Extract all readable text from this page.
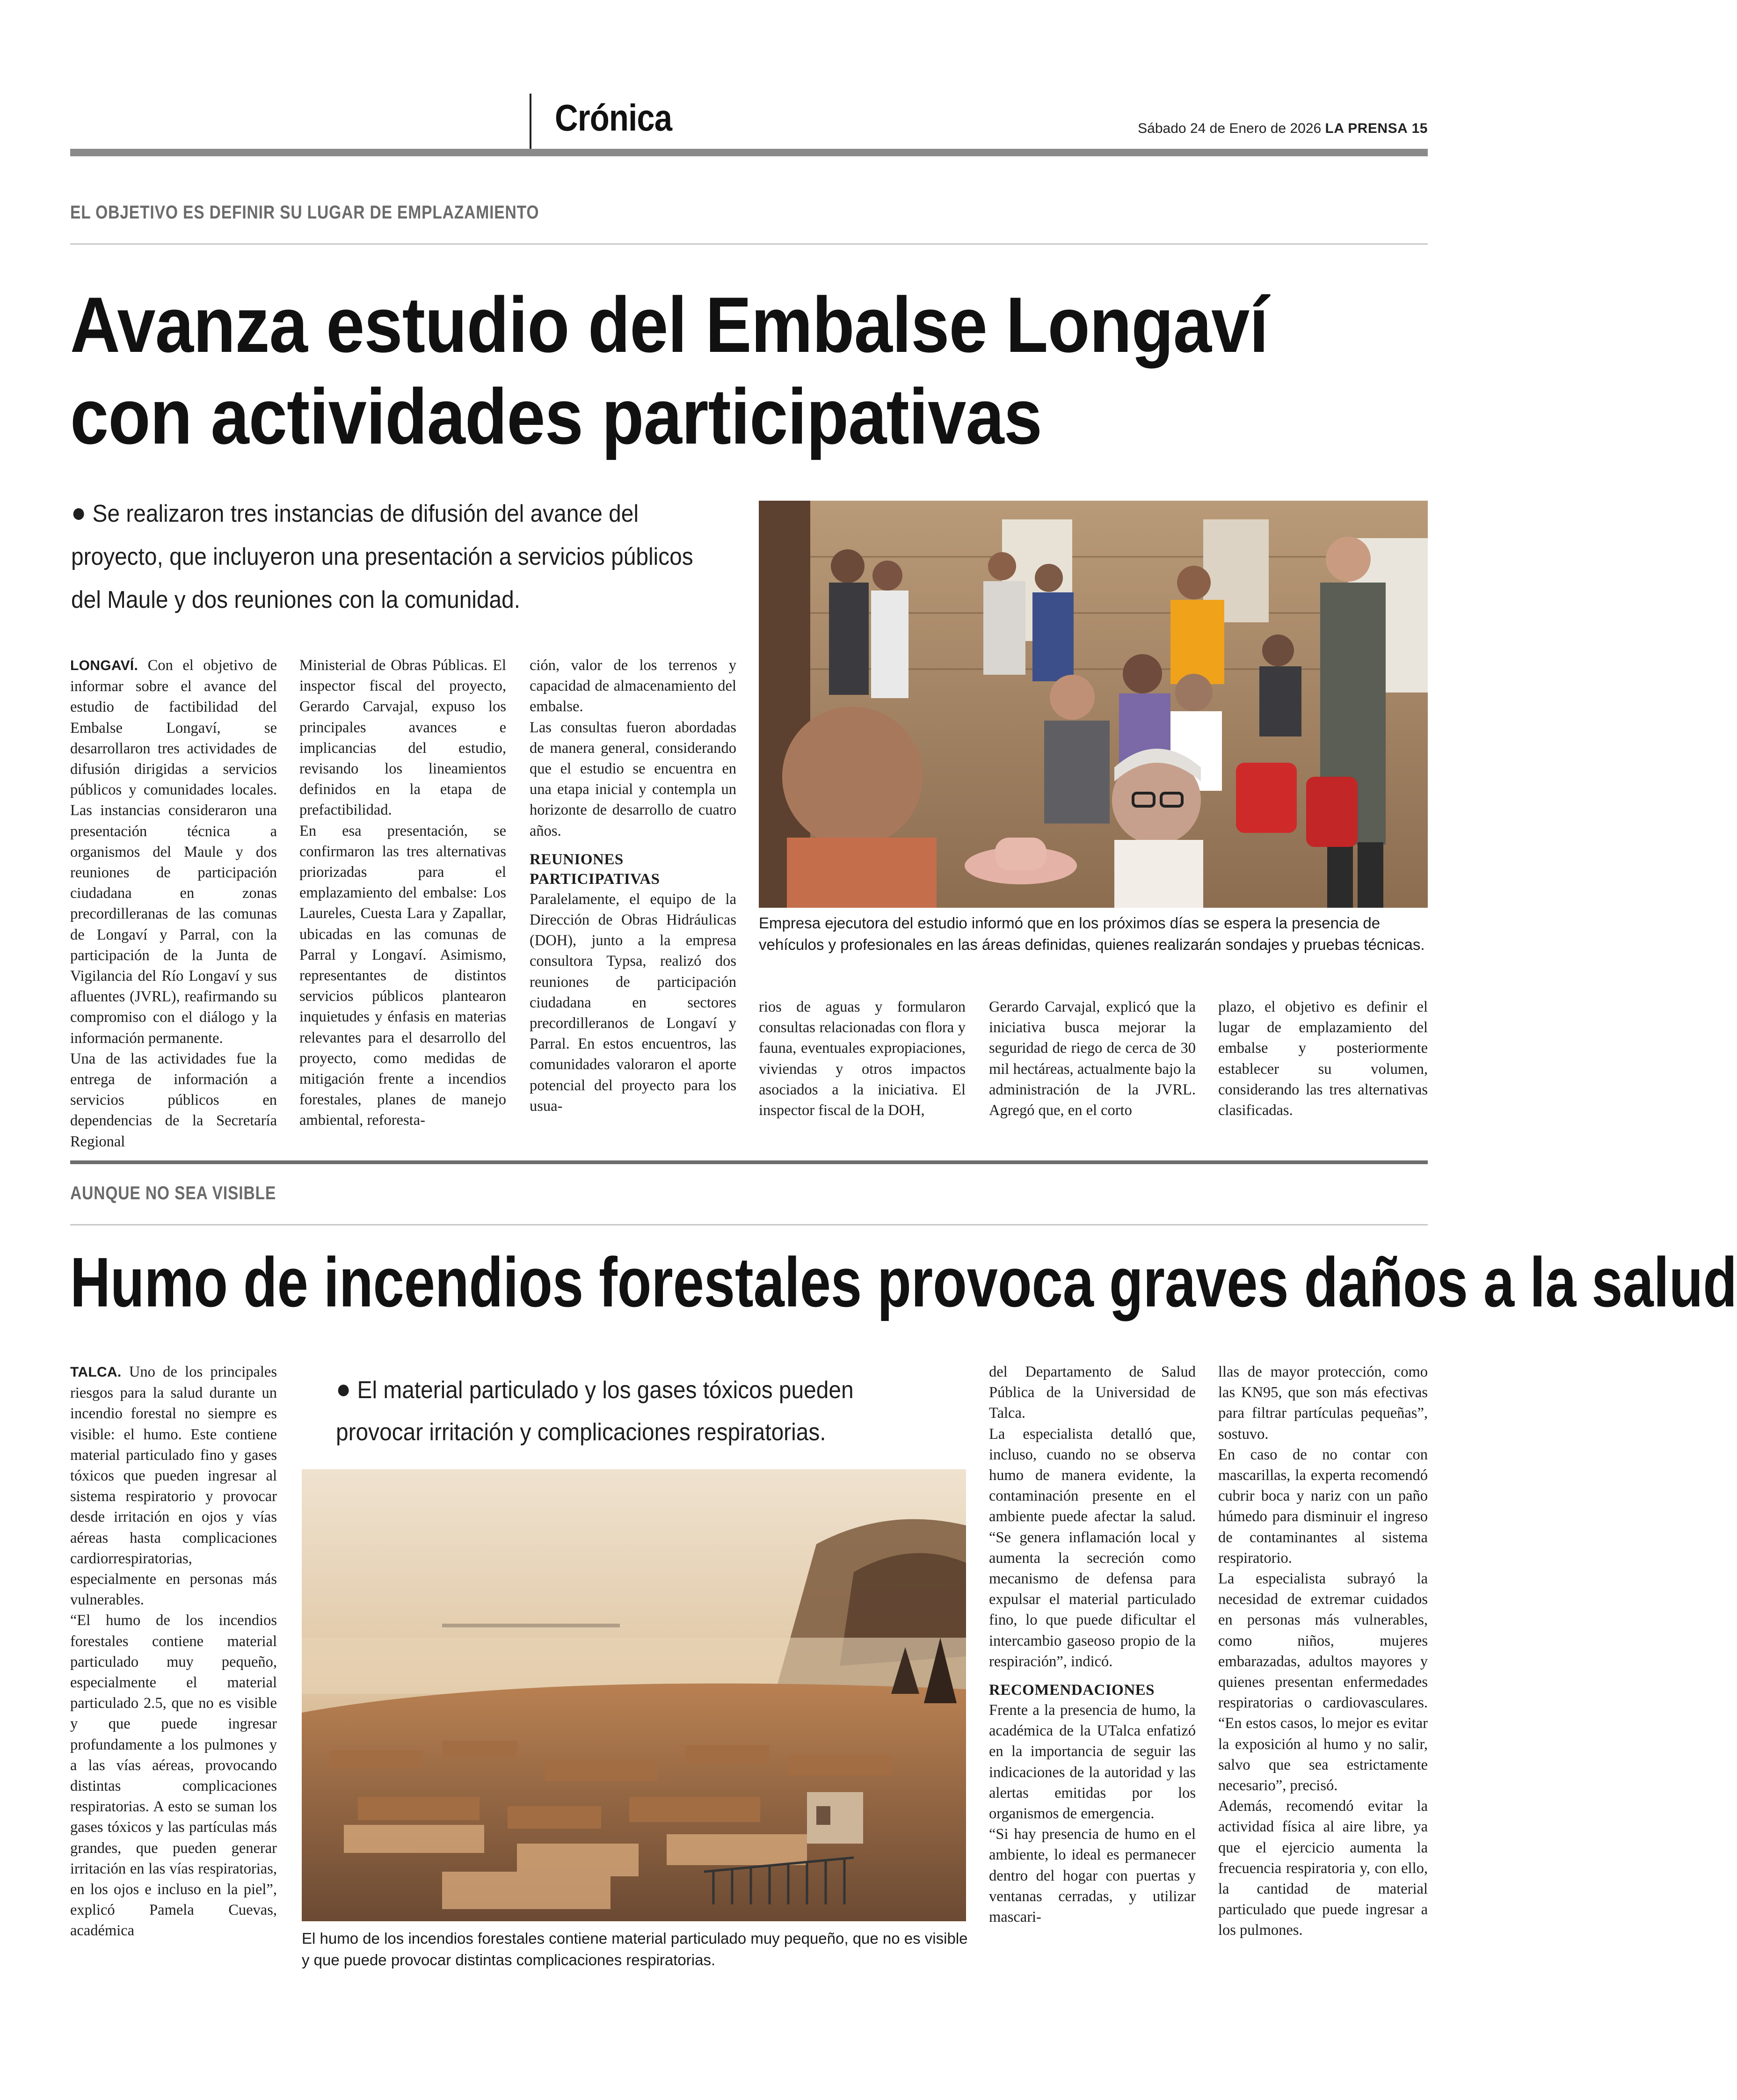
Crónica	Sábado 24 de Enero de 2026 LA PRENSA 15
EL OBJETIVO ES DEFINIR SU LUGAR DE EMPLAZAMIENTO
Avanza estudio del Embalse Longaví
con actividades participativas
● Se realizaron tres instancias de difusión del avance del proyecto, que incluyeron una presentación a servicios públicos del Maule y dos reuniones con la comunidad.
Empresa ejecutora del estudio informó que en los próximos días se espera la presencia de vehículos y profesionales en las áreas definidas, quienes realizarán sondajes y pruebas técnicas.

LONGAVÍ. Con el objetivo de informar sobre el avance del estudio de factibilidad del Embalse Longaví, se desarrollaron tres actividades de difusión dirigidas a servicios públicos y comunidades locales. Las instancias consideraron una presentación técnica a organismos del Maule y dos reuniones de participación ciudadana en zonas precordilleranas de las comunas de Longaví y Parral, con la participación de la Junta de Vigilancia del Río Longaví y sus afluentes (JVRL), reafirmando su compromiso con el diálogo y la información permanente.

Una de las actividades fue la entrega de información a servicios públicos en dependencias de la Secretaría Regional

Ministerial de Obras Públicas. El inspector fiscal del proyecto, Gerardo Carvajal, expuso los principales avances e implicancias del estudio, revisando los lineamientos definidos en la etapa de prefactibilidad.

En esa presentación, se confirmaron las tres alternativas priorizadas para el emplazamiento del embalse: Los Laureles, Cuesta Lara y Zapallar, ubicadas en las comunas de Parral y Longaví. Asimismo, representantes de distintos servicios públicos plantearon inquietudes y énfasis en materias relevantes para el desarrollo del proyecto, como medidas de mitigación frente a incendios forestales, planes de manejo ambiental, reforesta-

ción, valor de los terrenos y capacidad de almacenamiento del embalse.

Las consultas fueron abordadas de manera general, considerando que el estudio se encuentra en una etapa inicial y contempla un horizonte de desarrollo de cuatro años.

REUNIONES PARTICIPATIVAS

Paralelamente, el equipo de la Dirección de Obras Hidráulicas (DOH), junto a la empresa consultora Typsa, realizó dos reuniones de participación ciudadana en sectores precordilleranos de Longaví y Parral. En estos encuentros, las comunidades valoraron el aporte potencial del proyecto para los usua-

rios de aguas y formularon consultas relacionadas con flora y fauna, eventuales expropiaciones, viviendas y otros impactos asociados a la iniciativa. El inspector fiscal de la DOH,

Gerardo Carvajal, explicó que la iniciativa busca mejorar la seguridad de riego de cerca de 30 mil hectáreas, actualmente bajo la administración de la JVRL. Agregó que, en el corto

plazo, el objetivo es definir el lugar de emplazamiento del embalse y posteriormente establecer su volumen, considerando las tres alternativas clasificadas.

AUNQUE NO SEA VISIBLE
Humo de incendios forestales provoca graves daños a la salud
● El material particulado y los gases tóxicos pueden provocar irritación y complicaciones respiratorias.
El humo de los incendios forestales contiene material particulado muy pequeño, que no es visible y que puede provocar distintas complicaciones respiratorias.

TALCA. Uno de los principales riesgos para la salud durante un incendio forestal no siempre es visible: el humo. Este contiene material particulado fino y gases tóxicos que pueden ingresar al sistema respiratorio y provocar desde irritación en ojos y vías aéreas hasta complicaciones cardiorrespiratorias, especialmente en personas más vulnerables.

“El humo de los incendios forestales contiene material particulado muy pequeño, especialmente el material particulado 2.5, que no es visible y que puede ingresar profundamente a los pulmones y a las vías aéreas, provocando distintas complicaciones respiratorias. A esto se suman los gases tóxicos y las partículas más grandes, que pueden generar irritación en las vías respiratorias, en los ojos e incluso en la piel”, explicó Pamela Cuevas, académica

del Departamento de Salud Pública de la Universidad de Talca.

La especialista detalló que, incluso, cuando no se observa humo de manera evidente, la contaminación presente en el ambiente puede afectar la salud. “Se genera inflamación local y aumenta la secreción como mecanismo de defensa para expulsar el material particulado fino, lo que puede dificultar el intercambio gaseoso propio de la respiración”, indicó.

RECOMENDACIONES

Frente a la presencia de humo, la académica de la UTalca enfatizó en la importancia de seguir las indicaciones de la autoridad y las alertas emitidas por los organismos de emergencia.

“Si hay presencia de humo en el ambiente, lo ideal es permanecer dentro del hogar con puertas y ventanas cerradas, y utilizar mascari-

llas de mayor protección, como las KN95, que son más efectivas para filtrar partículas pequeñas”, sostuvo.

En caso de no contar con mascarillas, la experta recomendó cubrir boca y nariz con un paño húmedo para disminuir el ingreso de contaminantes al sistema respiratorio.

La especialista subrayó la necesidad de extremar cuidados en personas más vulnerables, como niños, mujeres embarazadas, adultos mayores y quienes presentan enfermedades respiratorias o cardiovasculares. “En estos casos, lo mejor es evitar la exposición al humo y no salir, salvo que sea estrictamente necesario”, precisó.

Además, recomendó evitar la actividad física al aire libre, ya que el ejercicio aumenta la frecuencia respiratoria y, con ello, la cantidad de material particulado que puede ingresar a los pulmones.
